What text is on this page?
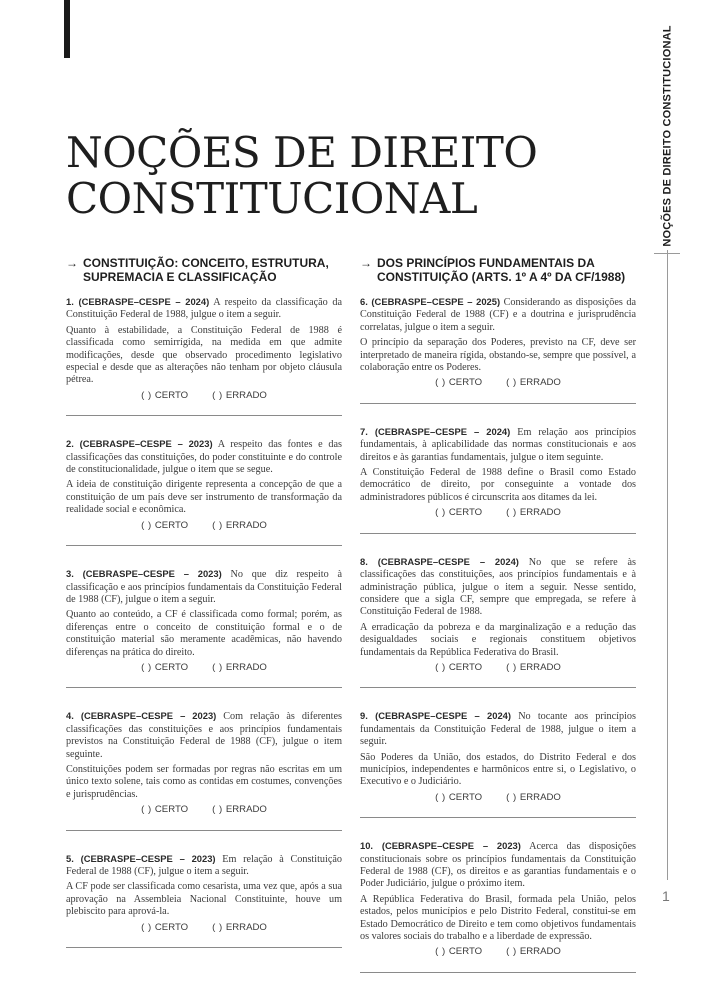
NOÇÕES DE DIREITO
CONSTITUCIONAL	NOÇÕES DE DIREITO CONSTITUCIONAL
1
→ CONSTITUIÇÃO: CONCEITO, ESTRUTURA, SUPREMACIA E CLASSIFICAÇÃO

1. (CEBRASPE–CESPE – 2024) A respeito da classificação da Constituição Federal de 1988, julgue o item a seguir.

Quanto à estabilidade, a Constituição Federal de 1988 é classificada como semirrígida, na medida em que admite modificações, desde que observado procedimento legislativo especial e desde que as alterações não tenham por objeto cláusula pétrea.

( ) CERTO	( ) ERRADO

2. (CEBRASPE–CESPE – 2023) A respeito das fontes e das classificações das constituições, do poder constituinte e do controle de constitucionalidade, julgue o item que se segue.

A ideia de constituição dirigente representa a concepção de que a constituição de um país deve ser instrumento de transformação da realidade social e econômica.

( ) CERTO	( ) ERRADO

3. (CEBRASPE–CESPE – 2023) No que diz respeito à classificação e aos princípios fundamentais da Constituição Federal de 1988 (CF), julgue o item a seguir.

Quanto ao conteúdo, a CF é classificada como formal; porém, as diferenças entre o conceito de constituição formal e o de constituição material são meramente acadêmicas, não havendo diferenças na prática do direito.

( ) CERTO	( ) ERRADO

4. (CEBRASPE–CESPE – 2023) Com relação às diferentes classificações das constituições e aos princípios fundamentais previstos na Constituição Federal de 1988 (CF), julgue o item seguinte.

Constituições podem ser formadas por regras não escritas em um único texto solene, tais como as contidas em costumes, convenções e jurisprudências.

( ) CERTO	( ) ERRADO

5. (CEBRASPE–CESPE – 2023) Em relação à Constituição Federal de 1988 (CF), julgue o item a seguir.

A CF pode ser classificada como cesarista, uma vez que, após a sua aprovação na Assembleia Nacional Constituinte, houve um plebiscito para aprová-la.

( ) CERTO	( ) ERRADO
→ DOS PRINCÍPIOS FUNDAMENTAIS DA CONSTITUIÇÃO (ARTS. 1º A 4º DA CF/1988)

6. (CEBRASPE–CESPE – 2025) Considerando as disposições da Constituição Federal de 1988 (CF) e a doutrina e jurisprudência correlatas, julgue o item a seguir.

O princípio da separação dos Poderes, previsto na CF, deve ser interpretado de maneira rígida, obstando-se, sempre que possível, a colaboração entre os Poderes.

( ) CERTO	( ) ERRADO

7. (CEBRASPE–CESPE – 2024) Em relação aos princípios fundamentais, à aplicabilidade das normas constitucionais e aos direitos e às garantias fundamentais, julgue o item seguinte.

A Constituição Federal de 1988 define o Brasil como Estado democrático de direito, por conseguinte a vontade dos administradores públicos é circunscrita aos ditames da lei.

( ) CERTO	( ) ERRADO

8. (CEBRASPE–CESPE – 2024) No que se refere às classificações das constituições, aos princípios fundamentais e à administração pública, julgue o item a seguir. Nesse sentido, considere que a sigla CF, sempre que empregada, se refere à Constituição Federal de 1988.

A erradicação da pobreza e da marginalização e a redução das desigualdades sociais e regionais constituem objetivos fundamentais da República Federativa do Brasil.

( ) CERTO	( ) ERRADO

9. (CEBRASPE–CESPE – 2024) No tocante aos princípios fundamentais da Constituição Federal de 1988, julgue o item a seguir.

São Poderes da União, dos estados, do Distrito Federal e dos municípios, independentes e harmônicos entre si, o Legislativo, o Executivo e o Judiciário.

( ) CERTO	( ) ERRADO

10. (CEBRASPE–CESPE – 2023) Acerca das disposições constitucionais sobre os princípios fundamentais da Constituição Federal de 1988 (CF), os direitos e as garantias fundamentais e o Poder Judiciário, julgue o próximo item.

A República Federativa do Brasil, formada pela União, pelos estados, pelos municípios e pelo Distrito Federal, constitui-se em Estado Democrático de Direito e tem como objetivos fundamentais os valores sociais do trabalho e a liberdade de expressão.

( ) CERTO	( ) ERRADO
